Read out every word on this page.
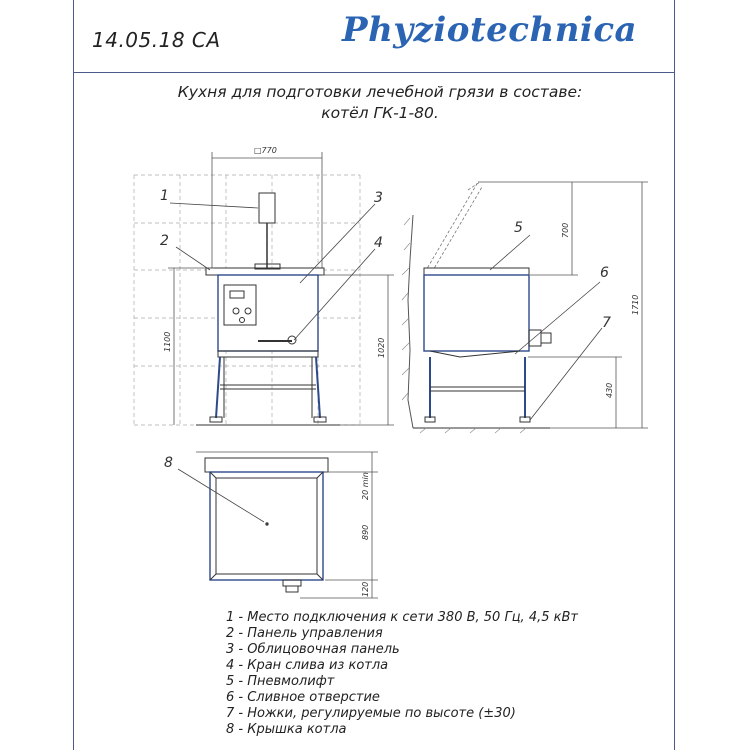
14.05.18 CA	Phyziotechnica
Кухня для подготовки лечебной грязи в составе:
котёл ГК-1-80.
1
2
3
4
5
6
7
8
□770
1100	1020
700
1710
430
20 min
890
120
1 - Место подключения к сети 380 В, 50 Гц, 4,5 кВт
2 - Панель управления
3 - Облицовочная панель
4 - Кран слива из котла
5 - Пневмолифт
6 - Сливное отверстие
7 - Ножки, регулируемые по высоте (±30)
8 - Крышка котла
